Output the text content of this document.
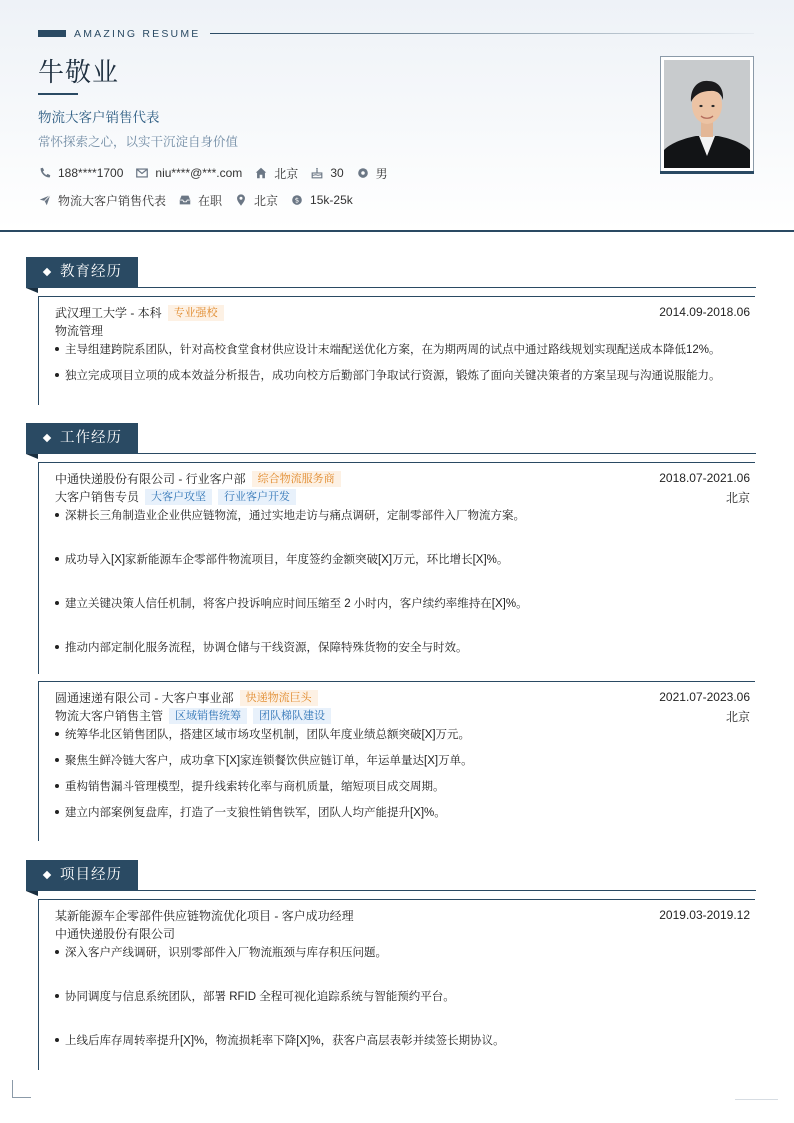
AMAZING RESUME
牛敬业
物流大客户销售代表
常怀探索之心，以实干沉淀自身价值
188****1700	niu****@***.com	北京	30	男
物流大客户销售代表	在职	北京 $ 15k-25k
教育经历
武汉理工大学 - 本科	专业强校	2014.09-2018.06
物流管理
主导组建跨院系团队，针对高校食堂食材供应设计末端配送优化方案，在为期两周的试点中通过路线规划实现配送成本降低12%。
独立完成项目立项的成本效益分析报告，成功向校方后勤部门争取试行资源，锻炼了面向关键决策者的方案呈现与沟通说服能力。
工作经历
中通快递股份有限公司 - 行业客户部	综合物流服务商	2018.07-2021.06
大客户销售专员	大客户攻坚	行业客户开发	北京
深耕长三角制造业企业供应链物流，通过实地走访与痛点调研，定制零部件入厂物流方案。
成功导入[X]家新能源车企零部件物流项目，年度签约金额突破[X]万元，环比增长[X]%。
建立关键决策人信任机制，将客户投诉响应时间压缩至 2 小时内，客户续约率维持在[X]%。
推动内部定制化服务流程，协调仓储与干线资源，保障特殊货物的安全与时效。
圆通速递有限公司 - 大客户事业部	快递物流巨头	2021.07-2023.06
物流大客户销售主管	区域销售统筹	团队梯队建设	北京
统筹华北区销售团队，搭建区域市场攻坚机制，团队年度业绩总额突破[X]万元。
聚焦生鲜冷链大客户，成功拿下[X]家连锁餐饮供应链订单，年运单量达[X]万单。
重构销售漏斗管理模型，提升线索转化率与商机质量，缩短项目成交周期。
建立内部案例复盘库，打造了一支狼性销售铁军，团队人均产能提升[X]%。
项目经历
某新能源车企零部件供应链物流优化项目 - 客户成功经理	2019.03-2019.12
中通快递股份有限公司
深入客户产线调研，识别零部件入厂物流瓶颈与库存积压问题。
协同调度与信息系统团队，部署 RFID 全程可视化追踪系统与智能预约平台。
上线后库存周转率提升[X]%，物流损耗率下降[X]%，获客户高层表彰并续签长期协议。
